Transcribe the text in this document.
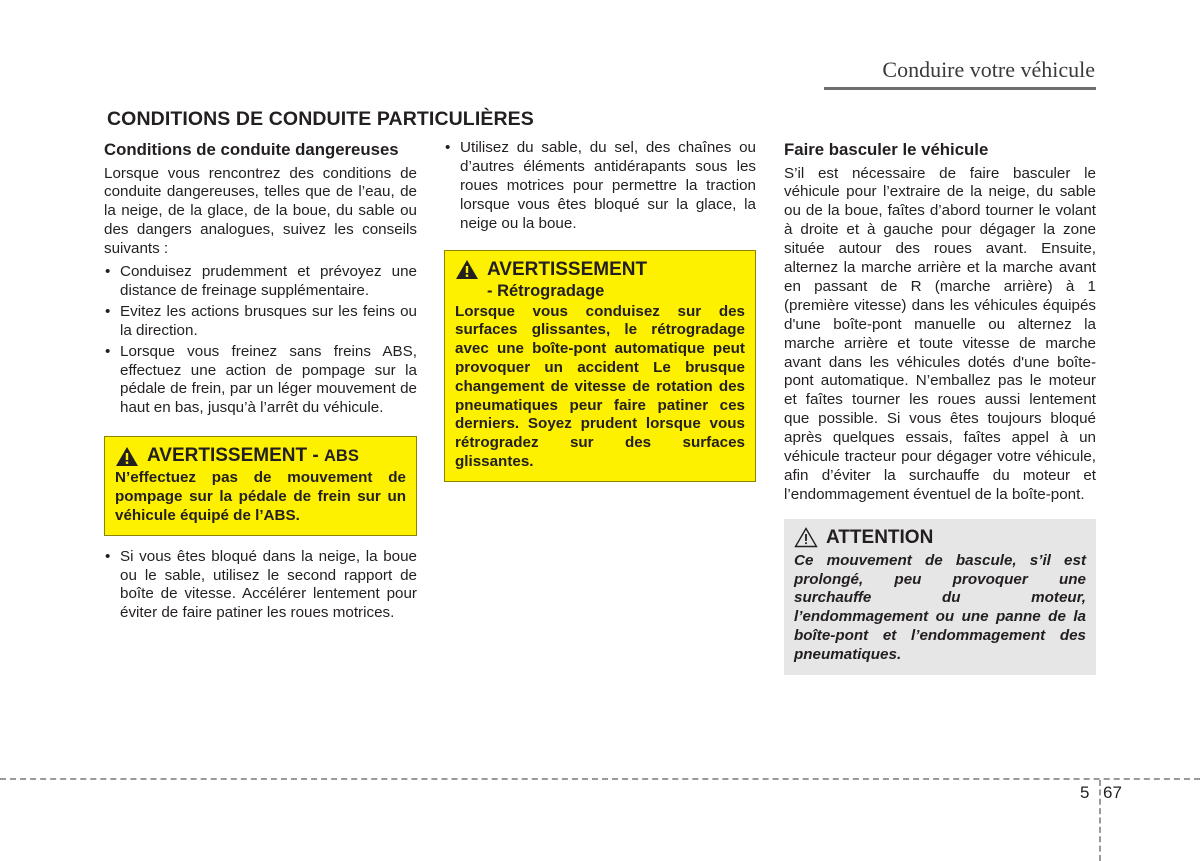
Conduire votre véhicule
CONDITIONS DE CONDUITE PARTICULIÈRES
Conditions de conduite dangereuses

Lorsque vous rencontrez des conditions de conduite dangereuses, telles que de l’eau, de la neige, de la glace, de la boue, du sable ou des dangers analogues, suivez les conseils suivants :

• Conduisez prudemment et prévoyez une distance de freinage supplémentaire.
• Evitez les actions brusques sur les feins ou la direction.
• Lorsque vous freinez sans freins ABS, effectuez une action de pompage sur la pédale de frein, par un léger mouvement de haut en bas, jusqu’à l’arrêt du véhicule.
AVERTISSEMENT - ABS
N’effectuez pas de mouvement de pompage sur la pédale de frein sur un véhicule équipé de l’ABS.
• Si vous êtes bloqué dans la neige, la boue ou le sable, utilisez le second rapport de boîte de vitesse. Accélérer lentement pour éviter de faire patiner les roues motrices.
• Utilisez du sable, du sel, des chaînes ou d’autres éléments antidérapants sous les roues motrices pour permettre la traction lorsque vous êtes bloqué sur la glace, la neige ou la boue.
AVERTISSEMENT
- Rétrogradage
Lorsque vous conduisez sur des surfaces glissantes, le rétrogradage avec une boîte-pont automatique peut provoquer un accident Le brusque changement de vitesse de rotation des pneumatiques peur faire patiner ces derniers. Soyez prudent lorsque vous rétrogradez sur des surfaces glissantes.
Faire basculer le véhicule

S’il est nécessaire de faire basculer le véhicule pour l’extraire de la neige, du sable ou de la boue, faîtes d’abord tourner le volant à droite et à gauche pour dégager la zone située autour des roues avant. Ensuite, alternez la marche arrière et la marche avant en passant de R (marche arrière) à 1 (première vitesse) dans les véhicules équipés d'une boîte-pont manuelle ou alternez la marche arrière et toute vitesse de marche avant dans les véhicules dotés d'une boîte-pont automatique. N’emballez pas le moteur et faîtes tourner les roues aussi lentement que possible. Si vous êtes toujours bloqué après quelques essais, faîtes appel à un véhicule tracteur pour dégager votre véhicule, afin d’éviter la surchauffe du moteur et l’endommagement éventuel de la boîte-pont.

ATTENTION
Ce mouvement de bascule, s’il est prolongé, peu provoquer une surchauffe du moteur, l’endommagement ou une panne de la boîte-pont et l’endommagement des pneumatiques.
5 67
